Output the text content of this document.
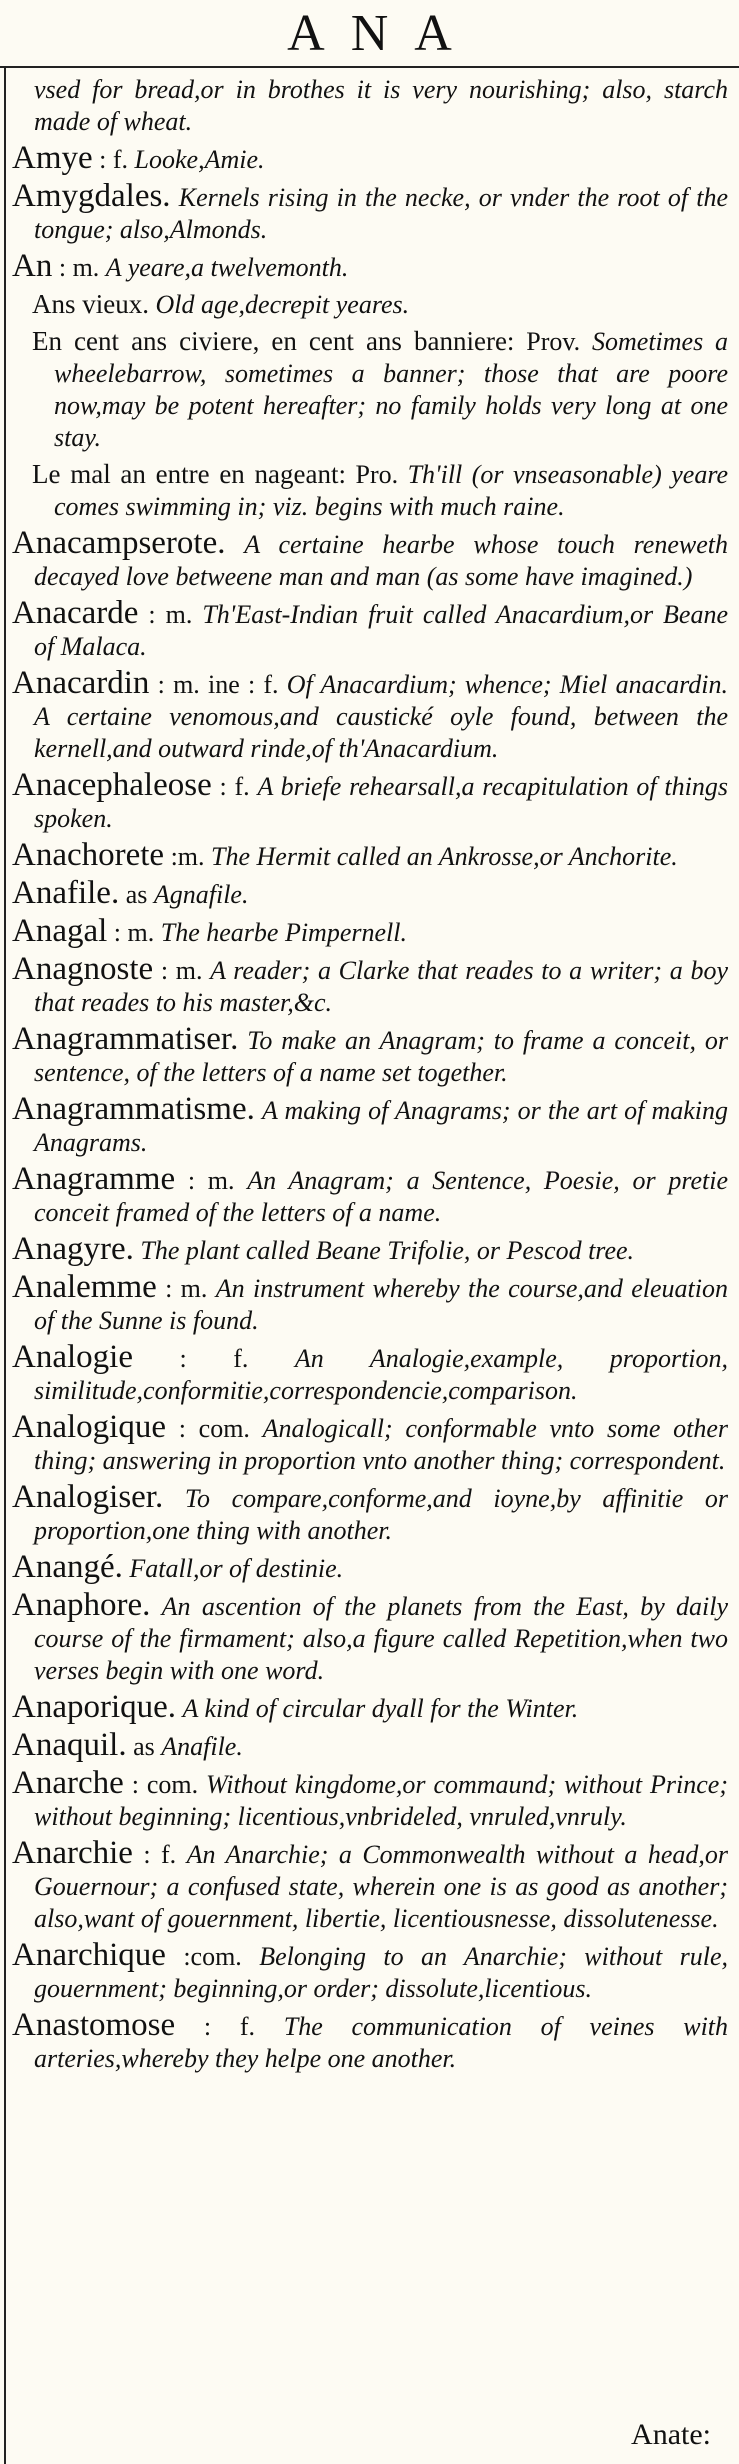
ANA
vsed for bread,or in brothes it is very nourishing; also, starch made of wheat.
Amye : f. Looke,Amie.
Amygdales. Kernels rising in the necke, or vnder the root of the tongue; also,Almonds.
An : m. A yeare,a twelvemonth.
Ans vieux. Old age,decrepit yeares.
En cent ans civiere, en cent ans banniere: Prov. Sometimes a wheelebarrow, sometimes a banner; those that are poore now,may be potent hereafter; no family holds very long at one stay.
Le mal an entre en nageant: Pro. Th'ill (or vnseasonable) yeare comes swimming in; viz. begins with much raine.
Anacampserote. A certaine hearbe whose touch reneweth decayed love betweene man and man (as some have imagined.)
Anacarde : m. Th'East-Indian fruit called Anacardium,or Beane of Malaca.
Anacardin : m. ine : f. Of Anacardium; whence; Miel anacardin. A certaine venomous,and caustické oyle found, between the kernell,and outward rinde,of th'Anacardium.
Anacephaleose : f. A briefe rehearsall,a recapitulation of things spoken.
Anachorete :m. The Hermit called an Ankrosse,or Anchorite.
Anafile. as Agnafile.
Anagal : m. The hearbe Pimpernell.
Anagnoste : m. A reader; a Clarke that reades to a writer; a boy that reades to his master,&c.
Anagrammatiser. To make an Anagram; to frame a conceit, or sentence, of the letters of a name set together.
Anagrammatisme. A making of Anagrams; or the art of making Anagrams.
Anagramme : m. An Anagram; a Sentence, Poesie, or pretie conceit framed of the letters of a name.
Anagyre. The plant called Beane Trifolie, or Pescod tree.
Analemme : m. An instrument whereby the course,and eleuation of the Sunne is found.
Analogie : f. An Analogie,example, proportion, similitude,conformitie,correspondencie,comparison.
Analogique : com. Analogicall; conformable vnto some other thing; answering in proportion vnto another thing; correspondent.
Analogiser. To compare,conforme,and ioyne,by affinitie or proportion,one thing with another.
Anangé. Fatall,or of destinie.
Anaphore. An ascention of the planets from the East, by daily course of the firmament; also,a figure called Repetition,when two verses begin with one word.
Anaporique. A kind of circular dyall for the Winter.
Anaquil. as Anafile.
Anarche : com. Without kingdome,or commaund; without Prince; without beginning; licentious,vnbrideled, vnruled,vnruly.
Anarchie : f. An Anarchie; a Commonwealth without a head,or Gouernour; a confused state, wherein one is as good as another; also,want of gouernment, libertie, licentiousnesse, dissolutenesse.
Anarchique :com. Belonging to an Anarchie; without rule, gouernment; beginning,or order; dissolute,licentious.
Anastomose : f. The communication of veines with arteries,whereby they helpe one another.
Anate:
